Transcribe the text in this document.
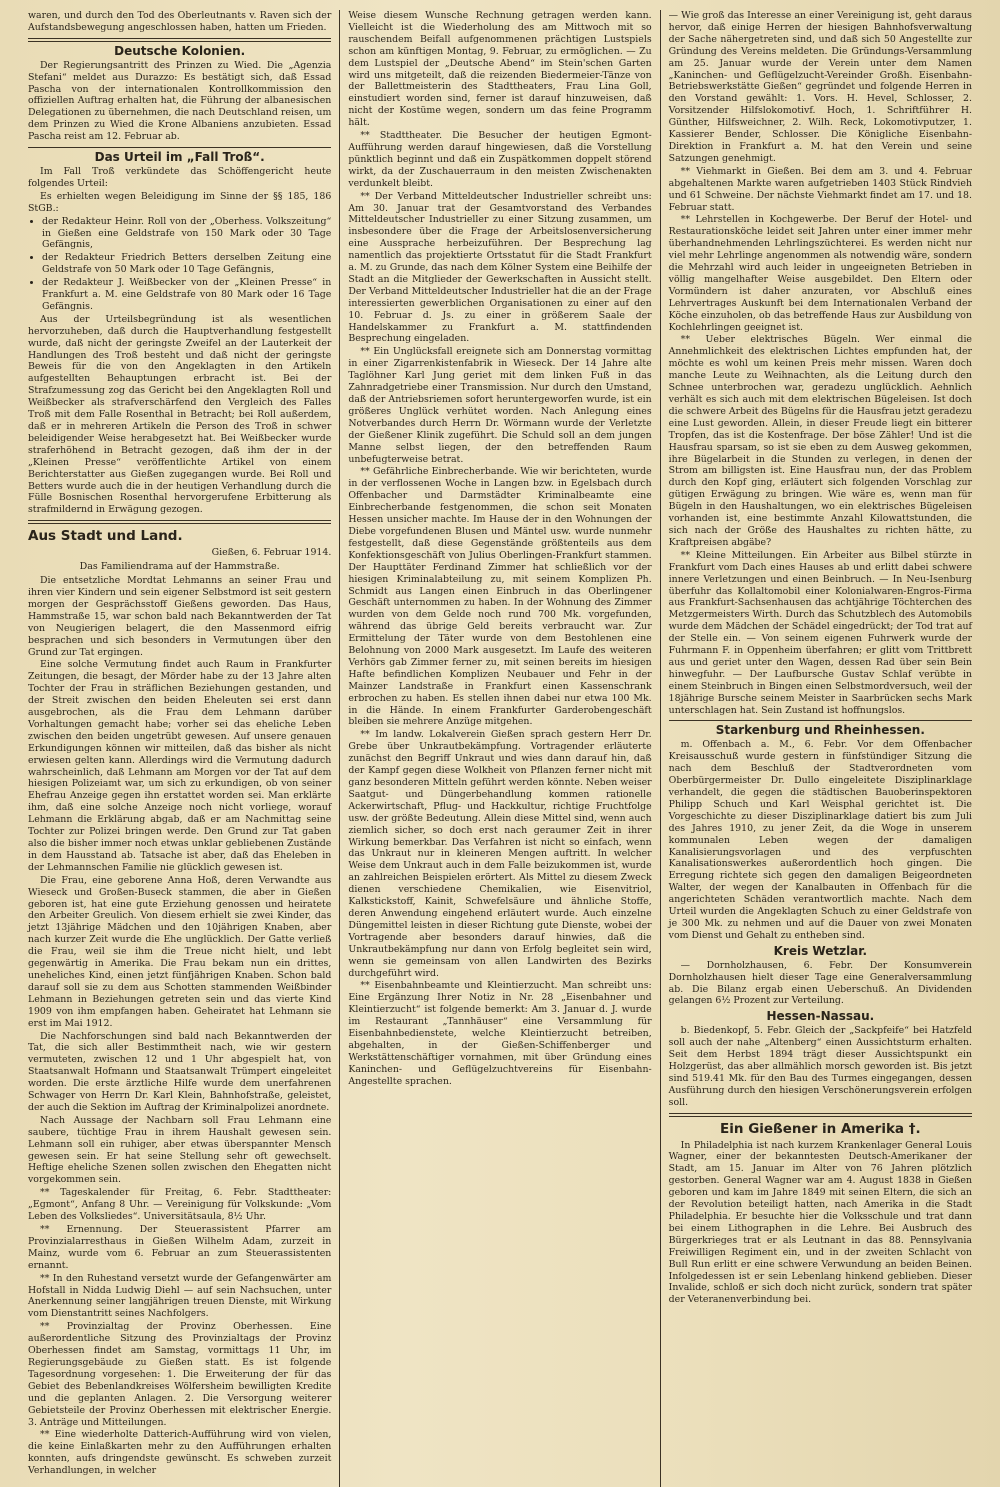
waren, und durch den Tod des Oberleutnants v. Raven sich der Aufstandsbewegung angeschlossen haben, hatten um Frieden.

Deutsche Kolonien.

Der Regierungsantritt des Prinzen zu Wied. Die „Agenzia Stefani“ meldet aus Durazzo: Es bestätigt sich, daß Essad Pascha von der internationalen Kontrollkommission den offiziellen Auftrag erhalten hat, die Führung der albanesischen Delegationen zu übernehmen, die nach Deutschland reisen, um dem Prinzen zu Wied die Krone Albaniens anzubieten. Essad Pascha reist am 12. Februar ab.

Das Urteil im „Fall Troß“.

Im Fall Troß verkündete das Schöffengericht heute folgendes Urteil:

Es erhielten wegen Beleidigung im Sinne der §§ 185, 186 StGB.:

• der Redakteur Heinr. Roll von der „Oberhess. Volkszeitung“ in Gießen eine Geldstrafe von 150 Mark oder 30 Tage Gefängnis,
• der Redakteur Friedrich Betters derselben Zeitung eine Geldstrafe von 50 Mark oder 10 Tage Gefängnis,
• der Redakteur J. Weißbecker von der „Kleinen Presse“ in Frankfurt a. M. eine Geldstrafe von 80 Mark oder 16 Tage Gefängnis.

Aus der Urteilsbegründung ist als wesentlichen hervorzuheben, daß durch die Hauptverhandlung festgestellt wurde, daß nicht der geringste Zweifel an der Lauterkeit der Handlungen des Troß besteht und daß nicht der geringste Beweis für die von den Angeklagten in den Artikeln aufgestellten Behauptungen erbracht ist. Bei der Strafzumessung zog das Gericht bei den Angeklagten Roll und Weißbecker als strafverschärfend den Vergleich des Falles Troß mit dem Falle Rosenthal in Betracht; bei Roll außerdem, daß er in mehreren Artikeln die Person des Troß in schwer beleidigender Weise herabgesetzt hat. Bei Weißbecker wurde straferhöhend in Betracht gezogen, daß ihm der in der „Kleinen Presse“ veröffentlichte Artikel von einem Berichterstatter aus Gießen zugegangen wurde. Bei Roll und Betters wurde auch die in der heutigen Verhandlung durch die Fülle Bosnischen Rosenthal hervorgerufene Erbitterung als strafmildernd in Erwägung gezogen.

Aus Stadt und Land.
Gießen, 6. Februar 1914.
Das Familiendrama auf der Hammstraße.

Die entsetzliche Mordtat Lehmanns an seiner Frau und ihren vier Kindern und sein eigener Selbstmord ist seit gestern morgen der Gesprächsstoff Gießens geworden. Das Haus, Hammstraße 15, war schon bald nach Bekanntwerden der Tat von Neugierigen belagert, die den Massenmord eifrig besprachen und sich besonders in Vermutungen über den Grund zur Tat ergingen.

Eine solche Vermutung findet auch Raum in Frankfurter Zeitungen, die besagt, der Mörder habe zu der 13 Jahre alten Tochter der Frau in sträflichen Beziehungen gestanden, und der Streit zwischen den beiden Eheleuten sei erst dann ausgebrochen, als die Frau dem Lehmann darüber Vorhaltungen gemacht habe; vorher sei das eheliche Leben zwischen den beiden ungetrübt gewesen. Auf unsere genauen Erkundigungen können wir mitteilen, daß das bisher als nicht erwiesen gelten kann. Allerdings wird die Vermutung dadurch wahrscheinlich, daß Lehmann am Morgen vor der Tat auf dem hiesigen Polizeiamt war, um sich zu erkundigen, ob von seiner Ehefrau Anzeige gegen ihn erstattet worden sei. Man erklärte ihm, daß eine solche Anzeige noch nicht vorliege, worauf Lehmann die Erklärung abgab, daß er am Nachmittag seine Tochter zur Polizei bringen werde. Den Grund zur Tat gaben also die bisher immer noch etwas unklar gebliebenen Zustände in dem Hausstand ab. Tatsache ist aber, daß das Eheleben in der Lehmannschen Familie nie glücklich gewesen ist.

Die Frau, eine geborene Anna Hoß, deren Verwandte aus Wieseck und Großen-Buseck stammen, die aber in Gießen geboren ist, hat eine gute Erziehung genossen und heiratete den Arbeiter Greulich. Von diesem erhielt sie zwei Kinder, das jetzt 13jährige Mädchen und den 10jährigen Knaben, aber nach kurzer Zeit wurde die Ehe unglücklich. Der Gatte verließ die Frau, weil sie ihm die Treue nicht hielt, und lebt gegenwärtig in Amerika. Die Frau bekam nun ein drittes, uneheliches Kind, einen jetzt fünfjährigen Knaben. Schon bald darauf soll sie zu dem aus Schotten stammenden Weißbinder Lehmann in Beziehungen getreten sein und das vierte Kind 1909 von ihm empfangen haben. Geheiratet hat Lehmann sie erst im Mai 1912.

Die Nachforschungen sind bald nach Bekanntwerden der Tat, die sich aller Bestimmtheit nach, wie wir gestern vermuteten, zwischen 12 und 1 Uhr abgespielt hat, von Staatsanwalt Hofmann und Staatsanwalt Trümpert eingeleitet worden. Die erste ärztliche Hilfe wurde dem unerfahrenen Schwager von Herrn Dr. Karl Klein, Bahnhofstraße, geleistet, der auch die Sektion im Auftrag der Kriminalpolizei anordnete.

Nach Aussage der Nachbarn soll Frau Lehmann eine saubere, tüchtige Frau in ihrem Haushalt gewesen sein. Lehmann soll ein ruhiger, aber etwas überspannter Mensch gewesen sein. Er hat seine Stellung sehr oft gewechselt. Heftige eheliche Szenen sollen zwischen den Ehegatten nicht vorgekommen sein.

** Tageskalender für Freitag, 6. Febr. Stadttheater: „Egmont“, Anfang 8 Uhr. — Vereinigung für Volkskunde: „Vom Leben des Volksliedes“. Universitätsaula, 8½ Uhr.

** Ernennung. Der Steuerassistent Pfarrer am Provinzialarresthaus in Gießen Wilhelm Adam, zurzeit in Mainz, wurde vom 6. Februar an zum Steuerassistenten ernannt.

** In den Ruhestand versetzt wurde der Gefangenwärter am Hofstall in Nidda Ludwig Diehl — auf sein Nachsuchen, unter Anerkennung seiner langjährigen treuen Dienste, mit Wirkung vom Dienstantritt seines Nachfolgers.

** Provinzialtag der Provinz Oberhessen. Eine außerordentliche Sitzung des Provinzialtags der Provinz Oberhessen findet am Samstag, vormittags 11 Uhr, im Regierungsgebäude zu Gießen statt. Es ist folgende Tagesordnung vorgesehen: 1. Die Erweiterung der für das Gebiet des Bebenlandkreises Wölfersheim bewilligten Kredite und die geplanten Anlagen. 2. Die Versorgung weiterer Gebietsteile der Provinz Oberhessen mit elektrischer Energie. 3. Anträge und Mitteilungen.

** Eine wiederholte Datterich-Aufführung wird von vielen, die keine Einlaßkarten mehr zu den Aufführungen erhalten konnten, aufs dringendste gewünscht. Es schweben zurzeit Verhandlungen, in welcher

Weise diesem Wunsche Rechnung getragen werden kann. Vielleicht ist die Wiederholung des am Mittwoch mit so rauschendem Beifall aufgenommenen prächtigen Lustspiels schon am künftigen Montag, 9. Februar, zu ermöglichen. — Zu dem Lustspiel der „Deutsche Abend“ im Stein'schen Garten wird uns mitgeteilt, daß die reizenden Biedermeier-Tänze von der Ballettmeisterin des Stadttheaters, Frau Lina Goll, einstudiert worden sind, ferner ist darauf hinzuweisen, daß nicht der Kostüme wegen, sondern um das feine Programm hält.

** Stadttheater. Die Besucher der heutigen Egmont-Aufführung werden darauf hingewiesen, daß die Vorstellung pünktlich beginnt und daß ein Zuspätkommen doppelt störend wirkt, da der Zuschauerraum in den meisten Zwischenakten verdunkelt bleibt.

** Der Verband Mitteldeutscher Industrieller schreibt uns: Am 30. Januar trat der Gesamtvorstand des Verbandes Mitteldeutscher Industrieller zu einer Sitzung zusammen, um insbesondere über die Frage der Arbeitslosenversicherung eine Aussprache herbeizuführen. Der Besprechung lag namentlich das projektierte Ortsstatut für die Stadt Frankfurt a. M. zu Grunde, das nach dem Kölner System eine Beihilfe der Stadt an die Mitglieder der Gewerkschaften in Aussicht stellt. Der Verband Mitteldeutscher Industrieller hat die an der Frage interessierten gewerblichen Organisationen zu einer auf den 10. Februar d. Js. zu einer in größerem Saale der Handelskammer zu Frankfurt a. M. stattfindenden Besprechung eingeladen.

** Ein Unglücksfall ereignete sich am Donnerstag vormittag in einer Zigarrenkistenfabrik in Wieseck. Der 14 Jahre alte Taglöhner Karl Jung geriet mit dem linken Fuß in das Zahnradgetriebe einer Transmission. Nur durch den Umstand, daß der Antriebsriemen sofort heruntergeworfen wurde, ist ein größeres Unglück verhütet worden. Nach Anlegung eines Notverbandes durch Herrn Dr. Wörmann wurde der Verletzte der Gießener Klinik zugeführt. Die Schuld soll an dem jungen Manne selbst liegen, der den betreffenden Raum unbefugterweise betrat.

** Gefährliche Einbrecherbande. Wie wir berichteten, wurde in der verflossenen Woche in Langen bzw. in Egelsbach durch Offenbacher und Darmstädter Kriminalbeamte eine Einbrecherbande festgenommen, die schon seit Monaten Hessen unsicher machte. Im Hause der in den Wohnungen der Diebe vorgefundenen Blusen und Mäntel usw. wurde nunmehr festgestellt, daß diese Gegenstände größtenteils aus dem Konfektionsgeschäft von Julius Oberlingen-Frankfurt stammen. Der Haupttäter Ferdinand Zimmer hat schließlich vor der hiesigen Kriminalabteilung zu, mit seinem Komplizen Ph. Schmidt aus Langen einen Einbruch in das Oberlingener Geschäft unternommen zu haben. In der Wohnung des Zimmer wurden von dem Gelde noch rund 700 Mk. vorgefunden, während das übrige Geld bereits verbraucht war. Zur Ermittelung der Täter wurde von dem Bestohlenen eine Belohnung von 2000 Mark ausgesetzt. Im Laufe des weiteren Verhörs gab Zimmer ferner zu, mit seinen bereits im hiesigen Hafte befindlichen Komplizen Neubauer und Fehr in der Mainzer Landstraße in Frankfurt einen Kassenschrank erbrochen zu haben. Es stellen ihnen dabei nur etwa 100 Mk. in die Hände. In einem Frankfurter Garderobengeschäft bleiben sie mehrere Anzüge mitgehen.

** Im landw. Lokalverein Gießen sprach gestern Herr Dr. Grebe über Unkrautbekämpfung. Vortragender erläuterte zunächst den Begriff Unkraut und wies dann darauf hin, daß der Kampf gegen diese Wolkheit von Pflanzen ferner nicht mit ganz besonderen Mitteln geführt werden könnte. Neben weiser Saatgut- und Düngerbehandlung kommen rationelle Ackerwirtschaft, Pflug- und Hackkultur, richtige Fruchtfolge usw. der größte Bedeutung. Allein diese Mittel sind, wenn auch ziemlich sicher, so doch erst nach geraumer Zeit in ihrer Wirkung bemerkbar. Das Verfahren ist nicht so einfach, wenn das Unkraut nur in kleineren Mengen auftritt. In welcher Weise dem Unkraut auch in dem Falle beizukommen ist, wurde an zahlreichen Beispielen erörtert. Als Mittel zu diesem Zweck dienen verschiedene Chemikalien, wie Eisenvitriol, Kalkstickstoff, Kainit, Schwefelsäure und ähnliche Stoffe, deren Anwendung eingehend erläutert wurde. Auch einzelne Düngemittel leisten in dieser Richtung gute Dienste, wobei der Vortragende aber besonders darauf hinwies, daß die Unkrautbekämpfung nur dann von Erfolg begleitet sein wird, wenn sie gemeinsam von allen Landwirten des Bezirks durchgeführt wird.

** Eisenbahnbeamte und Kleintierzucht. Man schreibt uns: Eine Ergänzung Ihrer Notiz in Nr. 28 „Eisenbahner und Kleintierzucht“ ist folgende bemerkt: Am 3. Januar d. J. wurde im Restaurant „Tannhäuser“ eine Versammlung für Eisenbahnbedienstete, welche Kleintierzucht betreiben, abgehalten, in der Gießen-Schiffenberger und Werkstättenschäftiger vornahmen, mit über Gründung eines Kaninchen- und Geflügelzuchtvereins für Eisenbahn-Angestellte sprachen.

— Wie groß das Interesse an einer Vereinigung ist, geht daraus hervor, daß einige Herren der hiesigen Bahnhofsverwaltung der Sache nähergetreten sind, und daß sich 50 Angestellte zur Gründung des Vereins meldeten. Die Gründungs-Versammlung am 25. Januar wurde der Verein unter dem Namen „Kaninchen- und Geflügelzucht-Vereinder Großh. Eisenbahn-Betriebswerkstätte Gießen“ gegründet und folgende Herren in den Vorstand gewählt: 1. Vors. H. Hevel, Schlosser, 2. Vorsitzender Hilfslokomotivf. Hoch, 1. Schriftführer H. Günther, Hilfsweichner, 2. Wilh. Reck, Lokomotivputzer, 1. Kassierer Bender, Schlosser. Die Königliche Eisenbahn-Direktion in Frankfurt a. M. hat den Verein und seine Satzungen genehmigt.

** Viehmarkt in Gießen. Bei dem am 3. und 4. Februar abgehaltenen Markte waren aufgetrieben 1403 Stück Rindvieh und 61 Schweine. Der nächste Viehmarkt findet am 17. und 18. Februar statt.

** Lehrstellen in Kochgewerbe. Der Beruf der Hotel- und Restaurationsköche leidet seit Jahren unter einer immer mehr überhandnehmenden Lehrlingszüchterei. Es werden nicht nur viel mehr Lehrlinge angenommen als notwendig wäre, sondern die Mehrzahl wird auch leider in ungeeigneten Betrieben in völlig mangelhafter Weise ausgebildet. Den Eltern oder Vormündern ist daher anzuraten, vor Abschluß eines Lehrvertrages Auskunft bei dem Internationalen Verband der Köche einzuholen, ob das betreffende Haus zur Ausbildung von Kochlehrlingen geeignet ist.

** Ueber elektrisches Bügeln. Wer einmal die Annehmlichkeit des elektrischen Lichtes empfunden hat, der möchte es wohl um keinen Preis mehr missen. Waren doch manche Leute zu Weihnachten, als die Leitung durch den Schnee unterbrochen war, geradezu unglücklich. Aehnlich verhält es sich auch mit dem elektrischen Bügeleisen. Ist doch die schwere Arbeit des Bügelns für die Hausfrau jetzt geradezu eine Lust geworden. Allein, in dieser Freude liegt ein bitterer Tropfen, das ist die Kostenfrage. Der böse Zähler! Und ist die Hausfrau sparsam, so ist sie eben zu dem Ausweg gekommen, ihre Bügelarbeit in die Stunden zu verlegen, in denen der Strom am billigsten ist. Eine Hausfrau nun, der das Problem durch den Kopf ging, erläutert sich folgenden Vorschlag zur gütigen Erwägung zu bringen. Wie wäre es, wenn man für Bügeln in den Haushaltungen, wo ein elektrisches Bügeleisen vorhanden ist, eine bestimmte Anzahl Kilowattstunden, die sich nach der Größe des Haushaltes zu richten hätte, zu Kraftpreisen abgäbe?

** Kleine Mitteilungen. Ein Arbeiter aus Bilbel stürzte in Frankfurt vom Dach eines Hauses ab und erlitt dabei schwere innere Verletzungen und einen Beinbruch. — In Neu-Isenburg überfuhr das Kollaltomobil einer Kolonialwaren-Engros-Firma aus Frankfurt-Sachsenhausen das achtjährige Töchterchen des Metzgermeisters Wirth. Durch das Schutzblech des Automobils wurde dem Mädchen der Schädel eingedrückt; der Tod trat auf der Stelle ein. — Von seinem eigenen Fuhrwerk wurde der Fuhrmann F. in Oppenheim überfahren; er glitt vom Trittbrett aus und geriet unter den Wagen, dessen Rad über sein Bein hinwegfuhr. — Der Laufbursche Gustav Schlaf verübte in einem Steinbruch in Bingen einen Selbstmordversuch, weil der 18jährige Bursche seinem Meister in Saarbrücken sechs Mark unterschlagen hat. Sein Zustand ist hoffnungslos.

Starkenburg und Rheinhessen.

m. Offenbach a. M., 6. Febr. Vor dem Offenbacher Kreisausschuß wurde gestern in fünfstündiger Sitzung die nach dem Beschluß der Stadtverordneten vom Oberbürgermeister Dr. Dullo eingeleitete Disziplinarklage verhandelt, die gegen die städtischen Bauoberinspektoren Philipp Schuch und Karl Weisphal gerichtet ist. Die Vorgeschichte zu dieser Disziplinarklage datiert bis zum Juli des Jahres 1910, zu jener Zeit, da die Woge in unserem kommunalen Leben wegen der damaligen Kanalisierungsvorlagen und des verpfuschten Kanalisationswerkes außerordentlich hoch gingen. Die Erregung richtete sich gegen den damaligen Beigeordneten Walter, der wegen der Kanalbauten in Offenbach für die angerichteten Schäden verantwortlich machte. Nach dem Urteil wurden die Angeklagten Schuch zu einer Geldstrafe von je 300 Mk. zu nehmen und auf die Dauer von zwei Monaten vom Dienst und Gehalt zu entheben sind.

Kreis Wetzlar.

— Dornholzhausen, 6. Febr. Der Konsumverein Dornholzhausen hielt dieser Tage eine Generalversammlung ab. Die Bilanz ergab einen Ueberschuß. An Dividenden gelangen 6½ Prozent zur Verteilung.

Hessen-Nassau.

b. Biedenkopf, 5. Febr. Gleich der „Sackpfeife“ bei Hatzfeld soll auch der nahe „Altenberg“ einen Aussichtsturm erhalten. Seit dem Herbst 1894 trägt dieser Aussichtspunkt ein Holzgerüst, das aber allmählich morsch geworden ist. Bis jetzt sind 519.41 Mk. für den Bau des Turmes eingegangen, dessen Ausführung durch den hiesigen Verschönerungsverein erfolgen soll.

Ein Gießener in Amerika †.

In Philadelphia ist nach kurzem Krankenlager General Louis Wagner, einer der bekanntesten Deutsch-Amerikaner der Stadt, am 15. Januar im Alter von 76 Jahren plötzlich gestorben. General Wagner war am 4. August 1838 in Gießen geboren und kam im Jahre 1849 mit seinen Eltern, die sich an der Revolution beteiligt hatten, nach Amerika in die Stadt Philadelphia. Er besuchte hier die Volksschule und trat dann bei einem Lithographen in die Lehre. Bei Ausbruch des Bürgerkrieges trat er als Leutnant in das 88. Pennsylvania Freiwilligen Regiment ein, und in der zweiten Schlacht von Bull Run erlitt er eine schwere Verwundung an beiden Beinen. Infolgedessen ist er sein Lebenlang hinkend geblieben. Dieser Invalide, schloß er sich doch nicht zurück, sondern trat später der Veteranenverbindung bei.
